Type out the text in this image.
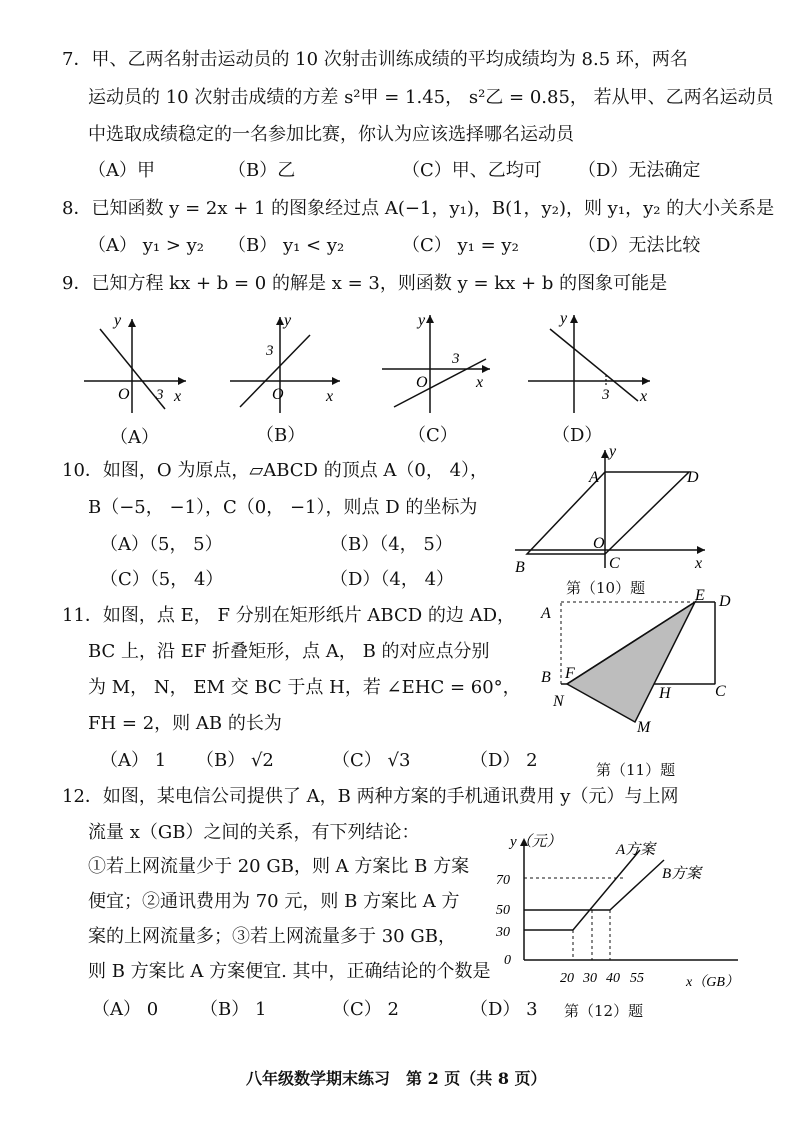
7．甲、乙两名射击运动员的 10 次射击训练成绩的平均成绩均为 8.5 环，两名
运动员的 10 次射击成绩的方差 s²甲 = 1.45， s²乙 = 0.85， 若从甲、乙两名运动员
中选取成绩稳定的一名参加比赛，你认为应该选择哪名运动员
（A）甲	（B）乙	（C）甲、乙均可 （D）无法确定
8．已知函数 y = 2x + 1 的图象经过点 A(−1，y₁)，B(1，y₂)，则 y₁，y₂ 的大小关系是
（A） y₁ > y₂ （B） y₁ < y₂	（C） y₁ = y₂	（D）无法比较
9．已知方程 kx + b = 0 的解是 x = 3，则函数 y = kx + b 的图象可能是
y
x
O 3
y
x
O
3
y
x
O
3
y
x
3
（A）	（B）	（C）	（D）
10．如图，O 为原点，▱ABCD 的顶点 A（0， 4），
B（−5， −1），C（0， −1），则点 D 的坐标为
（A）（5， 5）	（B）（4， 5）
（C）（5， 4）	（D）（4， 4）
y
x
A	D
B	C
O
第（10）题
11．如图，点 E， F 分别在矩形纸片 ABCD 的边 AD，
BC 上，沿 EF 折叠矩形，点 A， B 的对应点分别
为 M， N， EM 交 BC 于点 H，若 ∠EHC = 60°，
FH = 2，则 AB 的长为
（A） 1 （B） √2	（C） √3	（D） 2
E D
A
B F
H	C
N
M
第（11）题
12．如图，某电信公司提供了 A，B 两种方案的手机通讯费用 y（元）与上网
流量 x（GB）之间的关系，有下列结论：
①若上网流量少于 20 GB，则 A 方案比 B 方案
便宜；②通讯费用为 70 元，则 B 方案比 A 方
案的上网流量多；③若上网流量多于 30 GB，
则 B 方案比 A 方案便宜. 其中，正确结论的个数是
（A） 0 （B） 1	（C） 2	（D） 3
y（元）
70
50
30
0
A方案
B方案
20 30 40 55	x（GB）
第（12）题
八年级数学期末练习　第 2 页（共 8 页）
